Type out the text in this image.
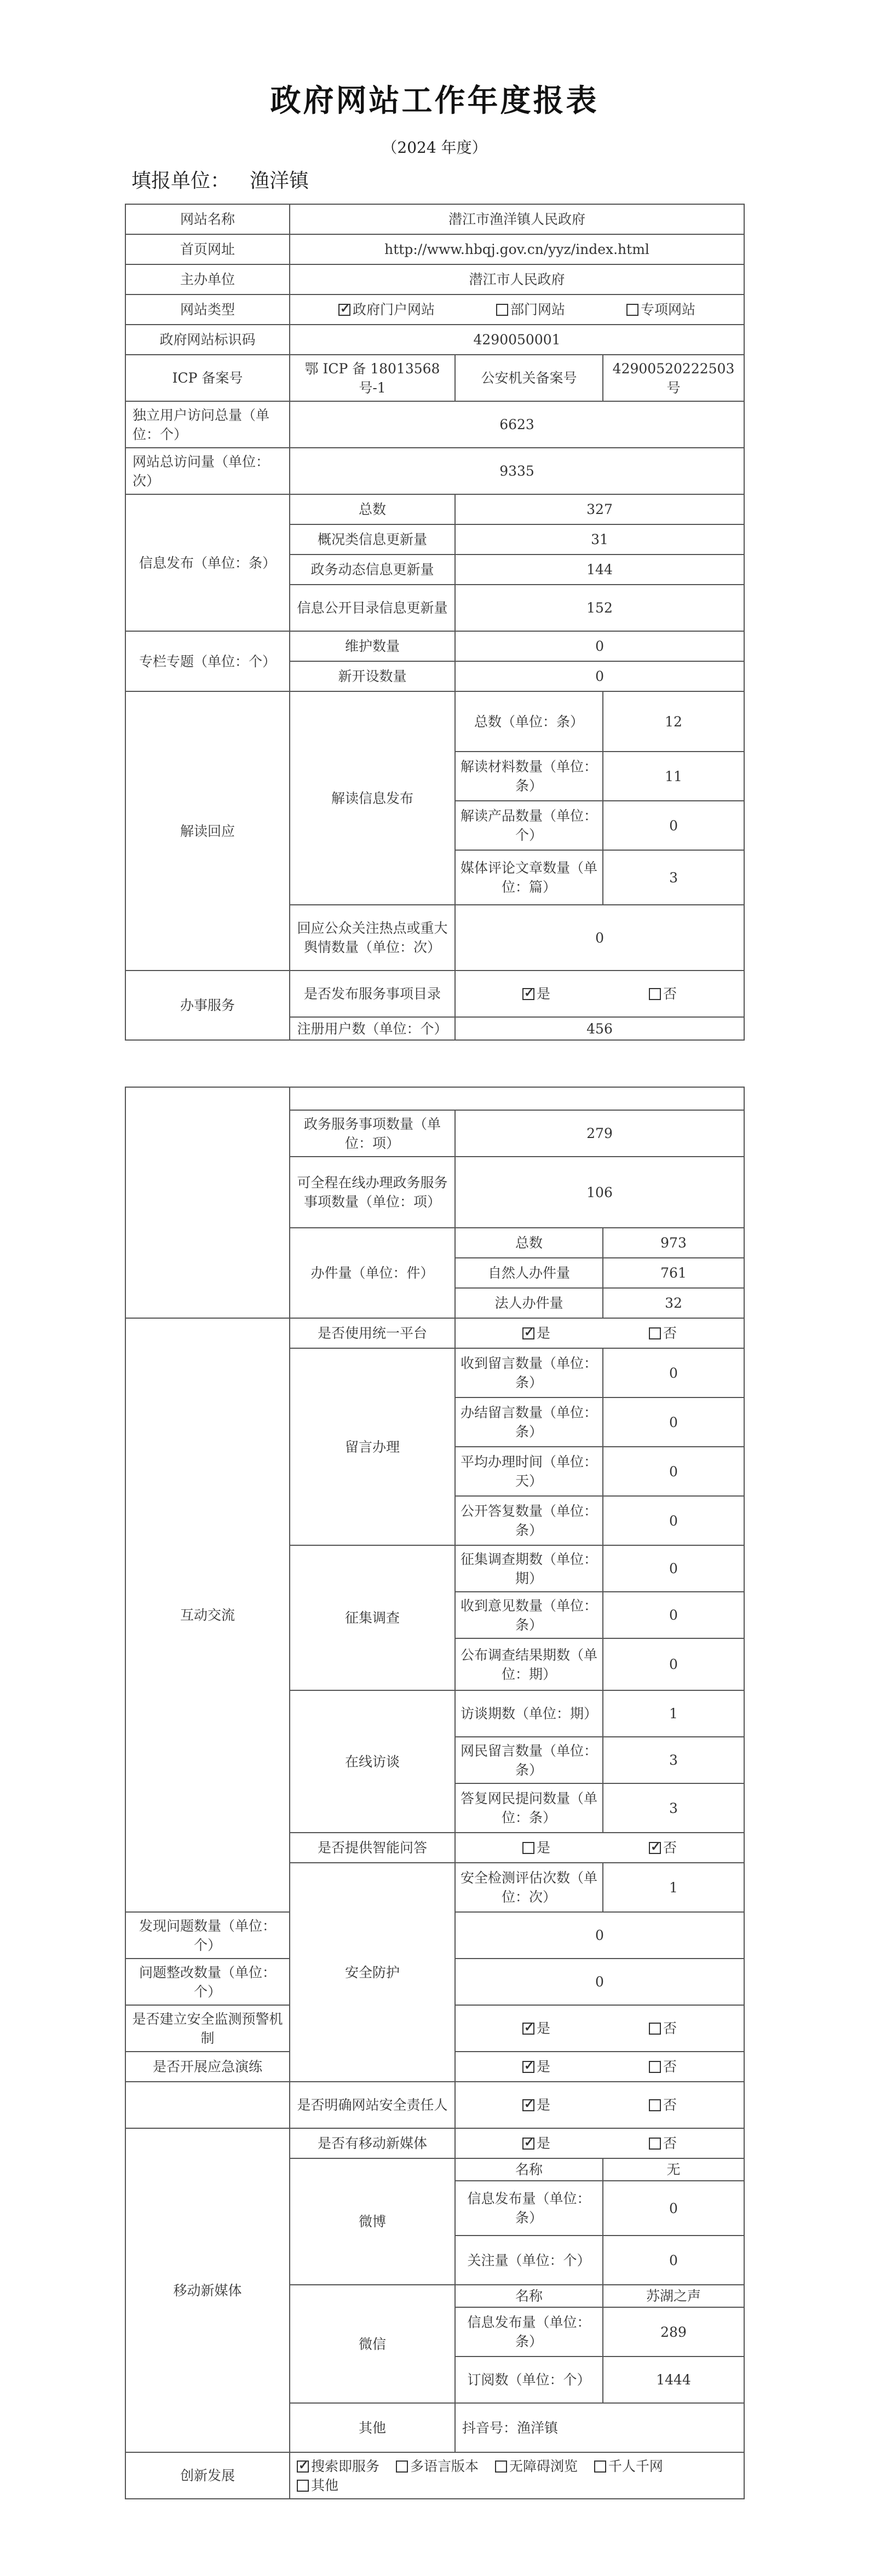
政府网站工作年度报表
（2024 年度）
填报单位： 渔洋镇
网站名称	潜江市渔洋镇人民政府		
首页网址	http://www.hbqj.gov.cn/yyz/index.html		
主办单位	潜江市人民政府		
网站类型	
✓政府门户网站 部门网站 专项网站

政府网站标识码	4290050001		
ICP 备案号	鄂 ICP 备 18013568 号-1	公安机关备案号	42900520222503 号
独立用户访问总量（单位：个）	6623		
网站总访问量（单位：次）	9335		
信息发布（单位：条）	总数	327	
	概况类信息更新量	31	
	政务动态信息更新量	144	
	信息公开目录信息更新量	152	
专栏专题（单位：个）	维护数量	0	
	新开设数量	0	
解读回应	解读信息发布	总数（单位：条）	12
		解读材料数量（单位：条）	11
		解读产品数量（单位：个）	0
		媒体评论文章数量（单位：篇）	3
	回应公众关注热点或重大舆情数量（单位：次）	0	
办事服务	是否发布服务事项目录	
✓是 否

	注册用户数（单位：个）	456	

	政务服务事项数量（单位：项）	279	
	可全程在线办理政务服务事项数量（单位：项）	106	
	办件量（单位：件）	总数	973
		自然人办件量	761
		法人办件量	32
互动交流	是否使用统一平台	
✓是 否

	留言办理	收到留言数量（单位：条）	0
		办结留言数量（单位：条）	0
		平均办理时间（单位：天）	0
		公开答复数量（单位：条）	0
	征集调查	征集调查期数（单位：期）	0
		收到意见数量（单位：条）	0
		公布调查结果期数（单位：期）	0
	在线访谈	访谈期数（单位：期）	1
		网民留言数量（单位：条）	3
		答复网民提问数量（单位：条）	3
	是否提供智能问答	是 ✓ 否

	安全防护	安全检测评估次数（单位：次）	1
发现问题数量（单位：个）		0	
问题整改数量（单位：个）		0	
是否建立安全监测预警机制	
✓是 否

是否开展应急演练	
✓是 否

	是否明确网站安全责任人	
✓是 否

移动新媒体	是否有移动新媒体	
✓是 否

	微博	名称	无
		信息发布量（单位：条）	0
		关注量（单位：个）	0
	微信	名称	苏湖之声
		信息发布量（单位：条）	289
		订阅数（单位：个）	1444
	其他	抖音号：渔洋镇	
创新发展	
✓搜索即服务 多语言版本 无障碍浏览 千人千网
其他
